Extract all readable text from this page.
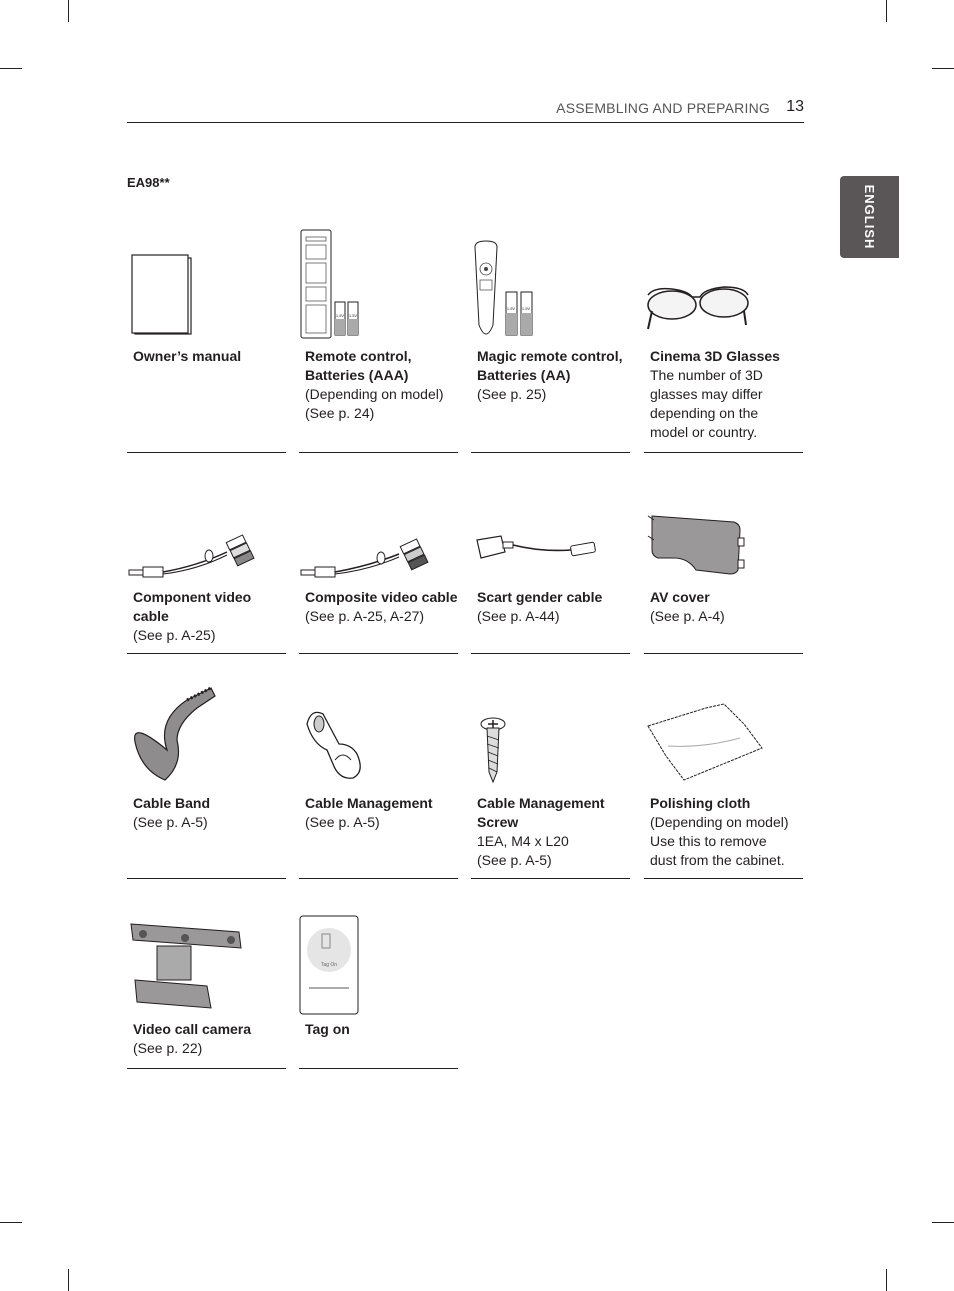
ASSEMBLING AND PREPARING 13
ENGLISH
EA98**
Owner’s manual
1.5V 1.5V
Remote control, Batteries (AAA)
(Depending on model)
(See p. 24)
1.5V 1.5V
Magic remote control, Batteries (AA)
(See p. 25)
Cinema 3D Glasses
The number of 3D
glasses may differ
depending on the
model or country.
Component video cable
(See p. A-25)
Composite video cable
(See p. A-25, A-27)
Scart gender cable
(See p. A-44)
AV cover
(See p. A-4)
Cable Band
(See p. A-5)
Cable Management
(See p. A-5)
Cable Management Screw
1EA, M4 x L20
(See p. A-5)
Polishing cloth
(Depending on model)
Use this to remove
dust from the cabinet.
Video call camera
(See p. 22)
Tag On
Tag on
